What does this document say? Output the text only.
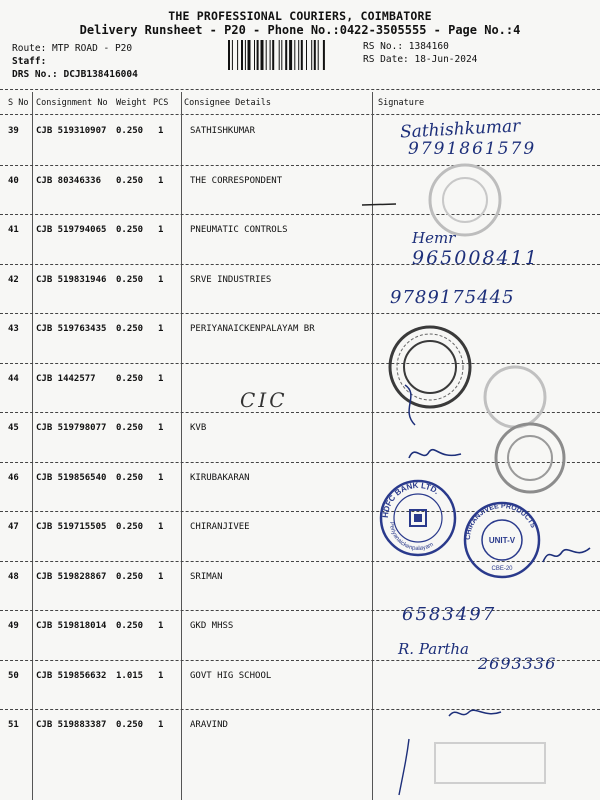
THE PROFESSIONAL COURIERS, COIMBATORE
Delivery Runsheet - P20 - Phone No.:0422-3505555 - Page No.:4
Route: MTP ROAD - P20
Staff:
DRS No.: DCJB138416004
RS No.: 1384160
RS Date: 18-Jun-2024
S No Consignment No Weight PCS Consignee Details	Signature
39 CJB 519310907 0.250 1	SATHISHKUMAR
40 CJB 80346336 0.250 1	THE CORRESPONDENT
41 CJB 519794065 0.250 1	PNEUMATIC CONTROLS
42 CJB 519831946 0.250 1	SRVE INDUSTRIES
43 CJB 519763435 0.250 1	PERIYANAICKENPALAYAM BR
44 CJB 1442577 0.250 1
45 CJB 519798077 0.250 1	KVB
46 CJB 519856540 0.250 1	KIRUBAKARAN
47 CJB 519715505 0.250 1	CHIRANJIVEE
48 CJB 519828867 0.250 1	SRIMAN
49 CJB 519818014 0.250 1	GKD MHSS
50 CJB 519856632 1.015 1	GOVT HIG SCHOOL
51 CJB 519883387 0.250 1	ARAVIND
Sathishkumar
9791861579
Hemr
965008411
9789175445
CIC
HDFC BANK LTD.
Periyanaickenpalayam
CHIRANJIVEE PRODUCTS
UNIT-V
CBE-20
6583497
R. Partha
2693336
